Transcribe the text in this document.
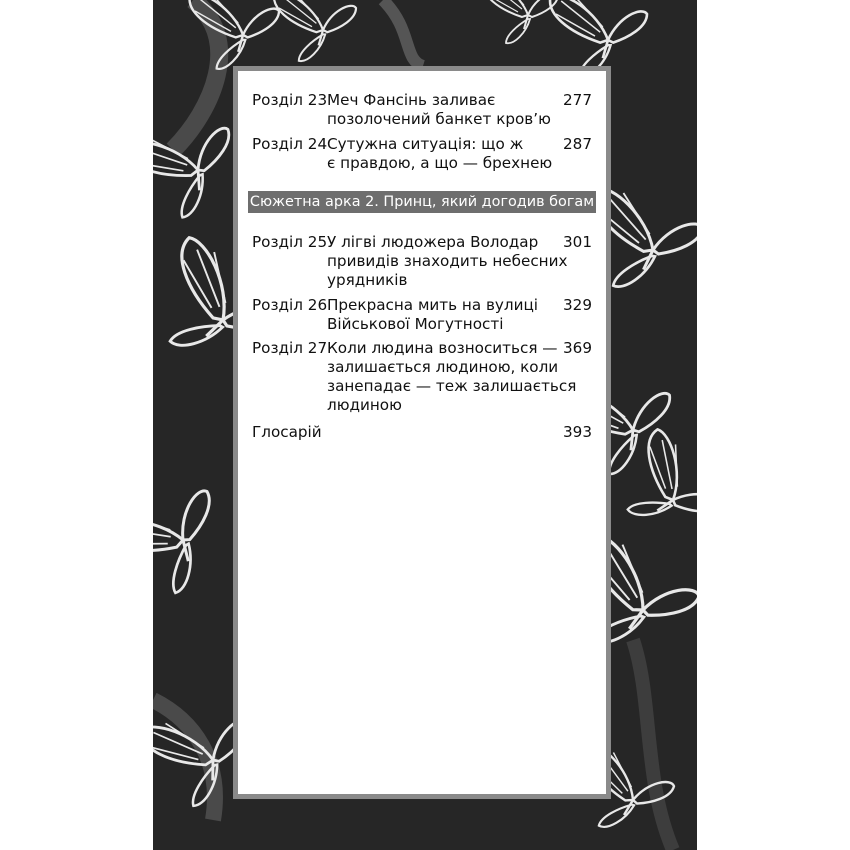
Розділ 23 Меч Фансінь заливає
позолочений банкет кров’ю
277
Розділ 24 Сутужна ситуація: що ж
є правдою, а що — брехнею
287
Сюжетна арка 2. Принц, який догодив богам
Розділ 25 У лігві людожера Володар
привидів знаходить небесних
урядників
301
Розділ 26 Прекрасна мить на вулиці
Військової Могутності
329
Розділ 27 Коли людина возноситься —
залишається людиною, коли
занепадає — теж залишається
людиною
369
Глосарій	393
